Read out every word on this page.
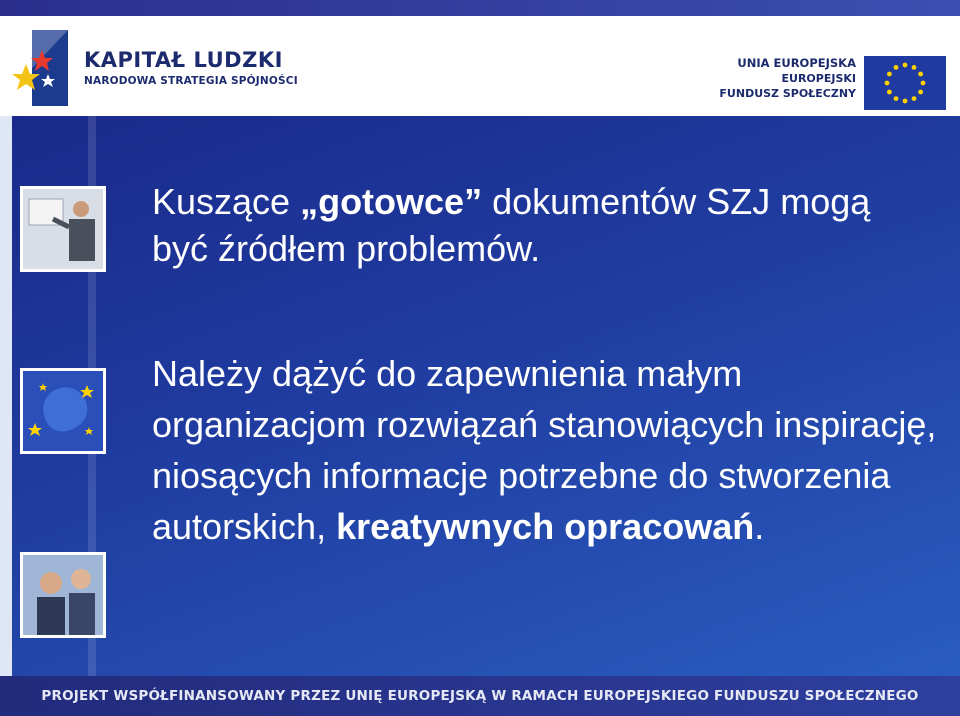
KAPITAŁ LUDZKI
NARODOWA STRATEGIA SPÓJNOŚCI
UNIA EUROPEJSKA
EUROPEJSKI
FUNDUSZ SPOŁECZNY
Kuszące „gotowce” dokumentów SZJ mogą być źródłem problemów.
Należy dążyć do zapewnienia małym organizacjom rozwiązań stanowiących inspirację, niosących informacje potrzebne do stworzenia autorskich, kreatywnych opracowań.
PROJEKT WSPÓŁFINANSOWANY PRZEZ UNIĘ EUROPEJSKĄ W RAMACH EUROPEJSKIEGO FUNDUSZU SPOŁECZNEGO
